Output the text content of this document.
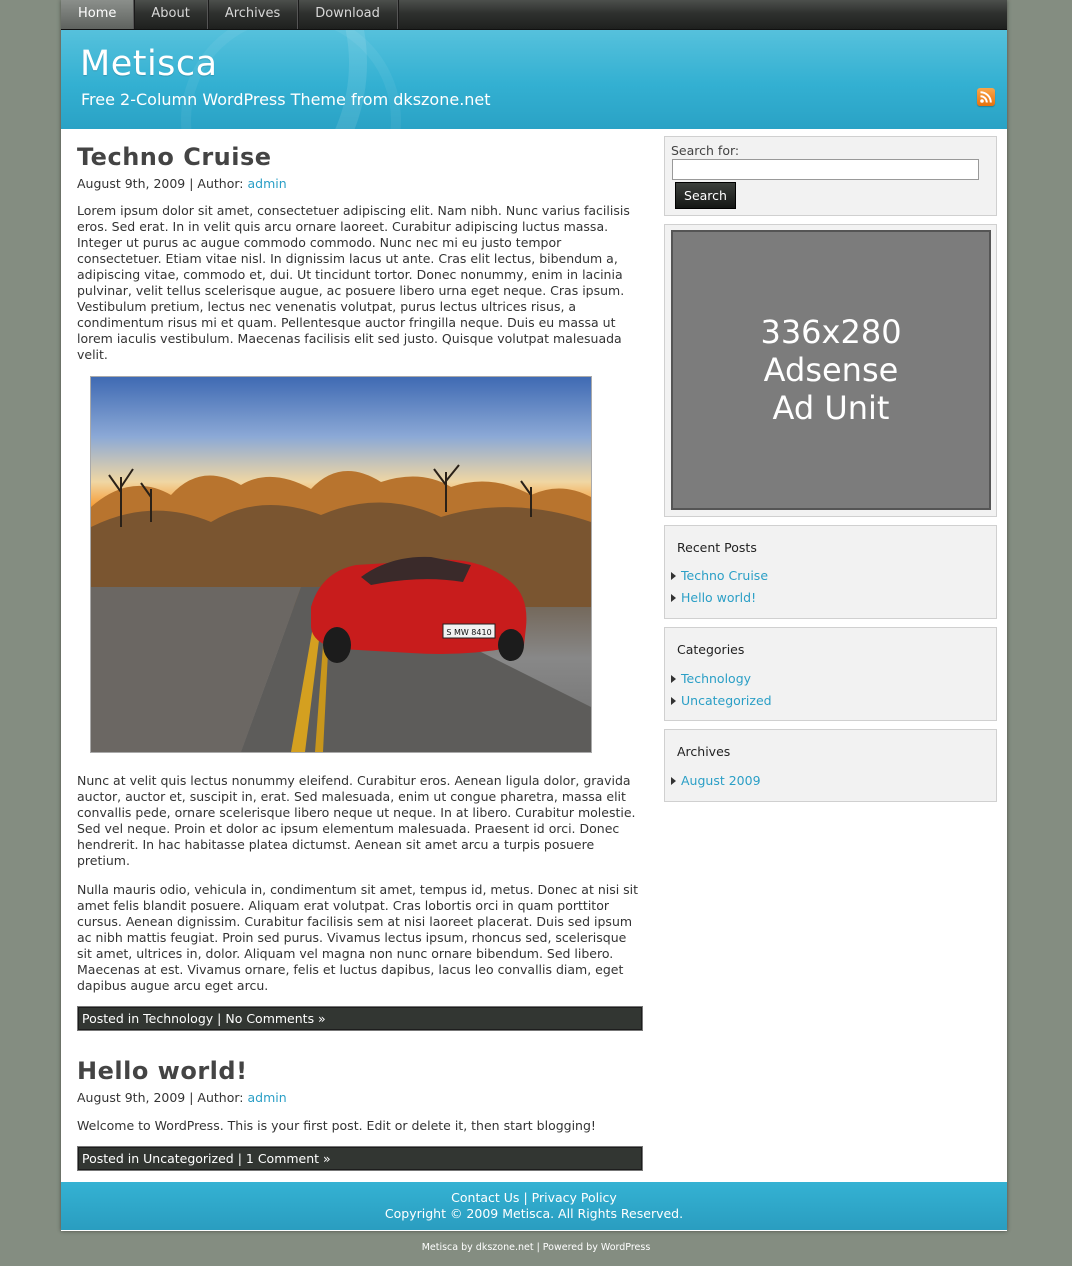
Home	About	Archives	Download
Metisca
Free 2-Column WordPress Theme from dkszone.net
Techno Cruise
August 9th, 2009 | Author: admin

Lorem ipsum dolor sit amet, consectetuer adipiscing elit. Nam nibh. Nunc varius facilisis eros. Sed erat. In in velit quis arcu ornare laoreet. Curabitur adipiscing luctus massa. Integer ut purus ac augue commodo commodo. Nunc nec mi eu justo tempor consectetuer. Etiam vitae nisl. In dignissim lacus ut ante. Cras elit lectus, bibendum a, adipiscing vitae, commodo et, dui. Ut tincidunt tortor. Donec nonummy, enim in lacinia pulvinar, velit tellus scelerisque augue, ac posuere libero urna eget neque. Cras ipsum. Vestibulum pretium, lectus nec venenatis volutpat, purus lectus ultrices risus, a condimentum risus mi et quam. Pellentesque auctor fringilla neque. Duis eu massa ut lorem iaculis vestibulum. Maecenas facilisis elit sed justo. Quisque volutpat malesuada velit.

S MW 8410

Nunc at velit quis lectus nonummy eleifend. Curabitur eros. Aenean ligula dolor, gravida auctor, auctor et, suscipit in, erat. Sed malesuada, enim ut congue pharetra, massa elit convallis pede, ornare scelerisque libero neque ut neque. In at libero. Curabitur molestie. Sed vel neque. Proin et dolor ac ipsum elementum malesuada. Praesent id orci. Donec hendrerit. In hac habitasse platea dictumst. Aenean sit amet arcu a turpis posuere pretium.

Nulla mauris odio, vehicula in, condimentum sit amet, tempus id, metus. Donec at nisi sit amet felis blandit posuere. Aliquam erat volutpat. Cras lobortis orci in quam porttitor cursus. Aenean dignissim. Curabitur facilisis sem at nisi laoreet placerat. Duis sed ipsum ac nibh mattis feugiat. Proin sed purus. Vivamus lectus ipsum, rhoncus sed, scelerisque sit amet, ultrices in, dolor. Aliquam vel magna non nunc ornare bibendum. Sed libero. Maecenas at est. Vivamus ornare, felis et luctus dapibus, lacus leo convallis diam, eget dapibus augue arcu eget arcu.

Posted in Technology | No Comments »
Hello world!
August 9th, 2009 | Author: admin

Welcome to WordPress. This is your first post. Edit or delete it, then start blogging!

Posted in Uncategorized | 1 Comment »
Search for:
Search
336x280
Adsense
Ad Unit
Recent Posts
Techno Cruise
Hello world!
Categories
Technology
Uncategorized
Archives
August 2009
Contact Us | Privacy Policy
Copyright © 2009 Metisca. All Rights Reserved.
Metisca by dkszone.net | Powered by WordPress
